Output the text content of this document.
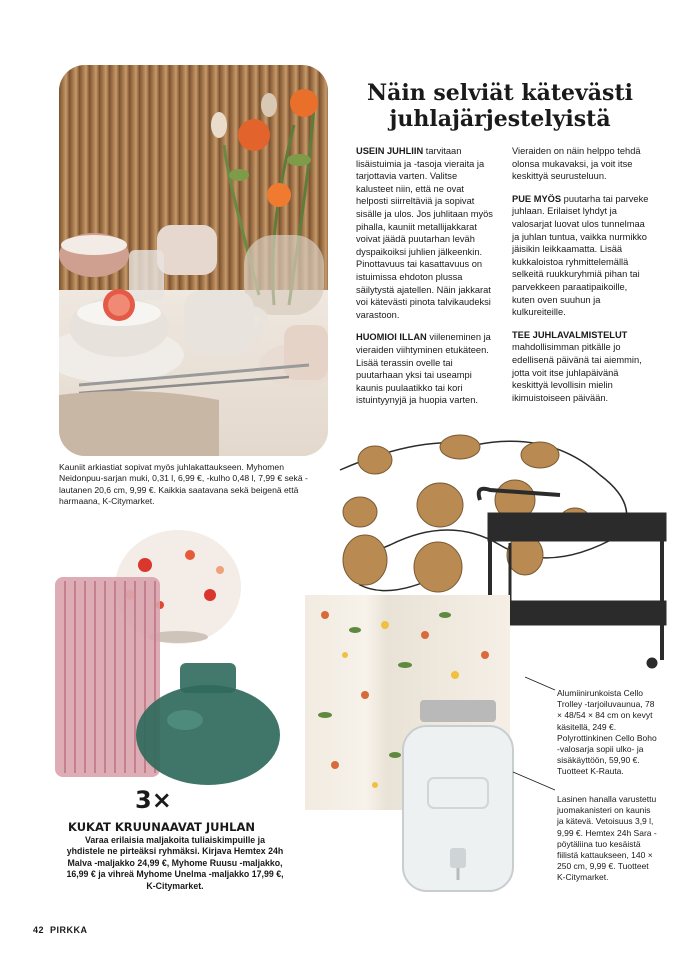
Näin selviät kätevästi juhlajärjestelyistä

USEIN JUHLIIN tarvitaan lisäistuimia ja -tasoja vieraita ja tarjottavia varten. Valitse kalusteet niin, että ne ovat helposti siirreltäviä ja sopivat sisälle ja ulos. Jos juhlitaan myös pihalla, kauniit metallijakkarat voivat jäädä puutarhan leväh dyspaikoiksi juhlien jälkeenkin. Pinottavuus tai kasattavuus on istuimissa ehdoton plussa säilytystä ajatellen. Näin jakkarat voi kätevästi pinota talvikaudeksi varastoon.

HUOMIOI ILLAN viileneminen ja vieraiden viihtyminen etukäteen. Lisää terassin ovelle tai puutarhaan yksi tai useampi kaunis puulaatikko tai kori istuintyynyjä ja huopia varten.

Vieraiden on näin helppo tehdä olonsa mukavaksi, ja voit itse keskittyä seurusteluun.

PUE MYÖS puutarha tai parveke juhlaan. Erilaiset lyhdyt ja valosarjat luovat ulos tunnelmaa ja juhlan tuntua, vaikka nurmikko jäisikin leikkaamatta. Lisää kukkaloistoa ryhmittelemällä selkeitä ruukkuryhmiä pihan tai parvekkeen paraatipaikoille, kuten oven suuhun ja kulkureiteille.

TEE JUHLAVALMISTELUT mahdollisimman pitkälle jo edellisenä päivänä tai aiemmin, jotta voit itse juhlapäivänä keskittyä levollisin mielin ikimuistoiseen päivään.

Kauniit arkiastiat sopivat myös juhlakattaukseen. Myhomen Neidonpuu-sarjan muki, 0,31 l, 6,99 €, -kulho 0,48 l, 7,99 € sekä -lautanen 20,6 cm, 9,99 €. Kaikkia saatavana sekä beigenä että harmaana, K-Citymarket.
3×
KUKAT KRUUNAAVAT JUHLAN
Varaa erilaisia maljakoita tuliaiskimpuille ja yhdistele ne pirteäksi ryhmäksi. Kirjava Hemtex 24h Malva -maljakko 24,99 €, Myhome Ruusu -maljakko, 16,99 € ja vihreä Myhome Unelma -maljakko 17,99 €, K-Citymarket.
Alumiinirunkoista Cello Trolley -tarjoiluvaunua, 78 × 48/54 × 84 cm on kevyt käsitellä, 249 €. Polyrottinkinen Cello Boho -valosarja sopii ulko- ja sisäkäyttöön, 59,90 €. Tuotteet K-Rauta.
Lasinen hanalla varustettu juomakanisteri on kaunis ja kätevä. Vetoisuus 3,9 l, 9,99 €. Hemtex 24h Sara -pöytäliina tuo kesäistä fiilistä kattaukseen, 140 × 250 cm, 9,99 €. Tuotteet K-Citymarket.
42 PIRKKA
